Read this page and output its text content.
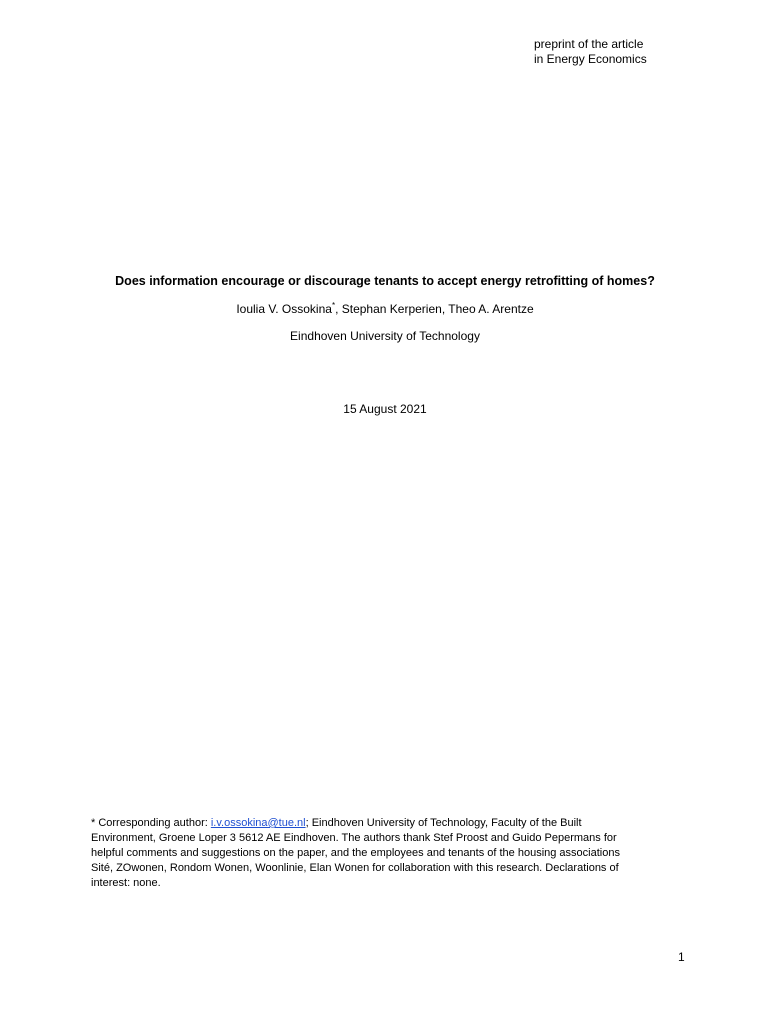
preprint of the article
in Energy Economics
Does information encourage or discourage tenants to accept energy retrofitting of homes?
Ioulia V. Ossokina*, Stephan Kerperien, Theo A. Arentze
Eindhoven University of Technology
15 August 2021
* Corresponding author: i.v.ossokina@tue.nl; Eindhoven University of Technology, Faculty of the Built
Environment, Groene Loper 3 5612 AE Eindhoven. The authors thank Stef Proost and Guido Pepermans for
helpful comments and suggestions on the paper, and the employees and tenants of the housing associations
Sité, ZOwonen, Rondom Wonen, Woonlinie, Elan Wonen for collaboration with this research. Declarations of
interest: none.
1
